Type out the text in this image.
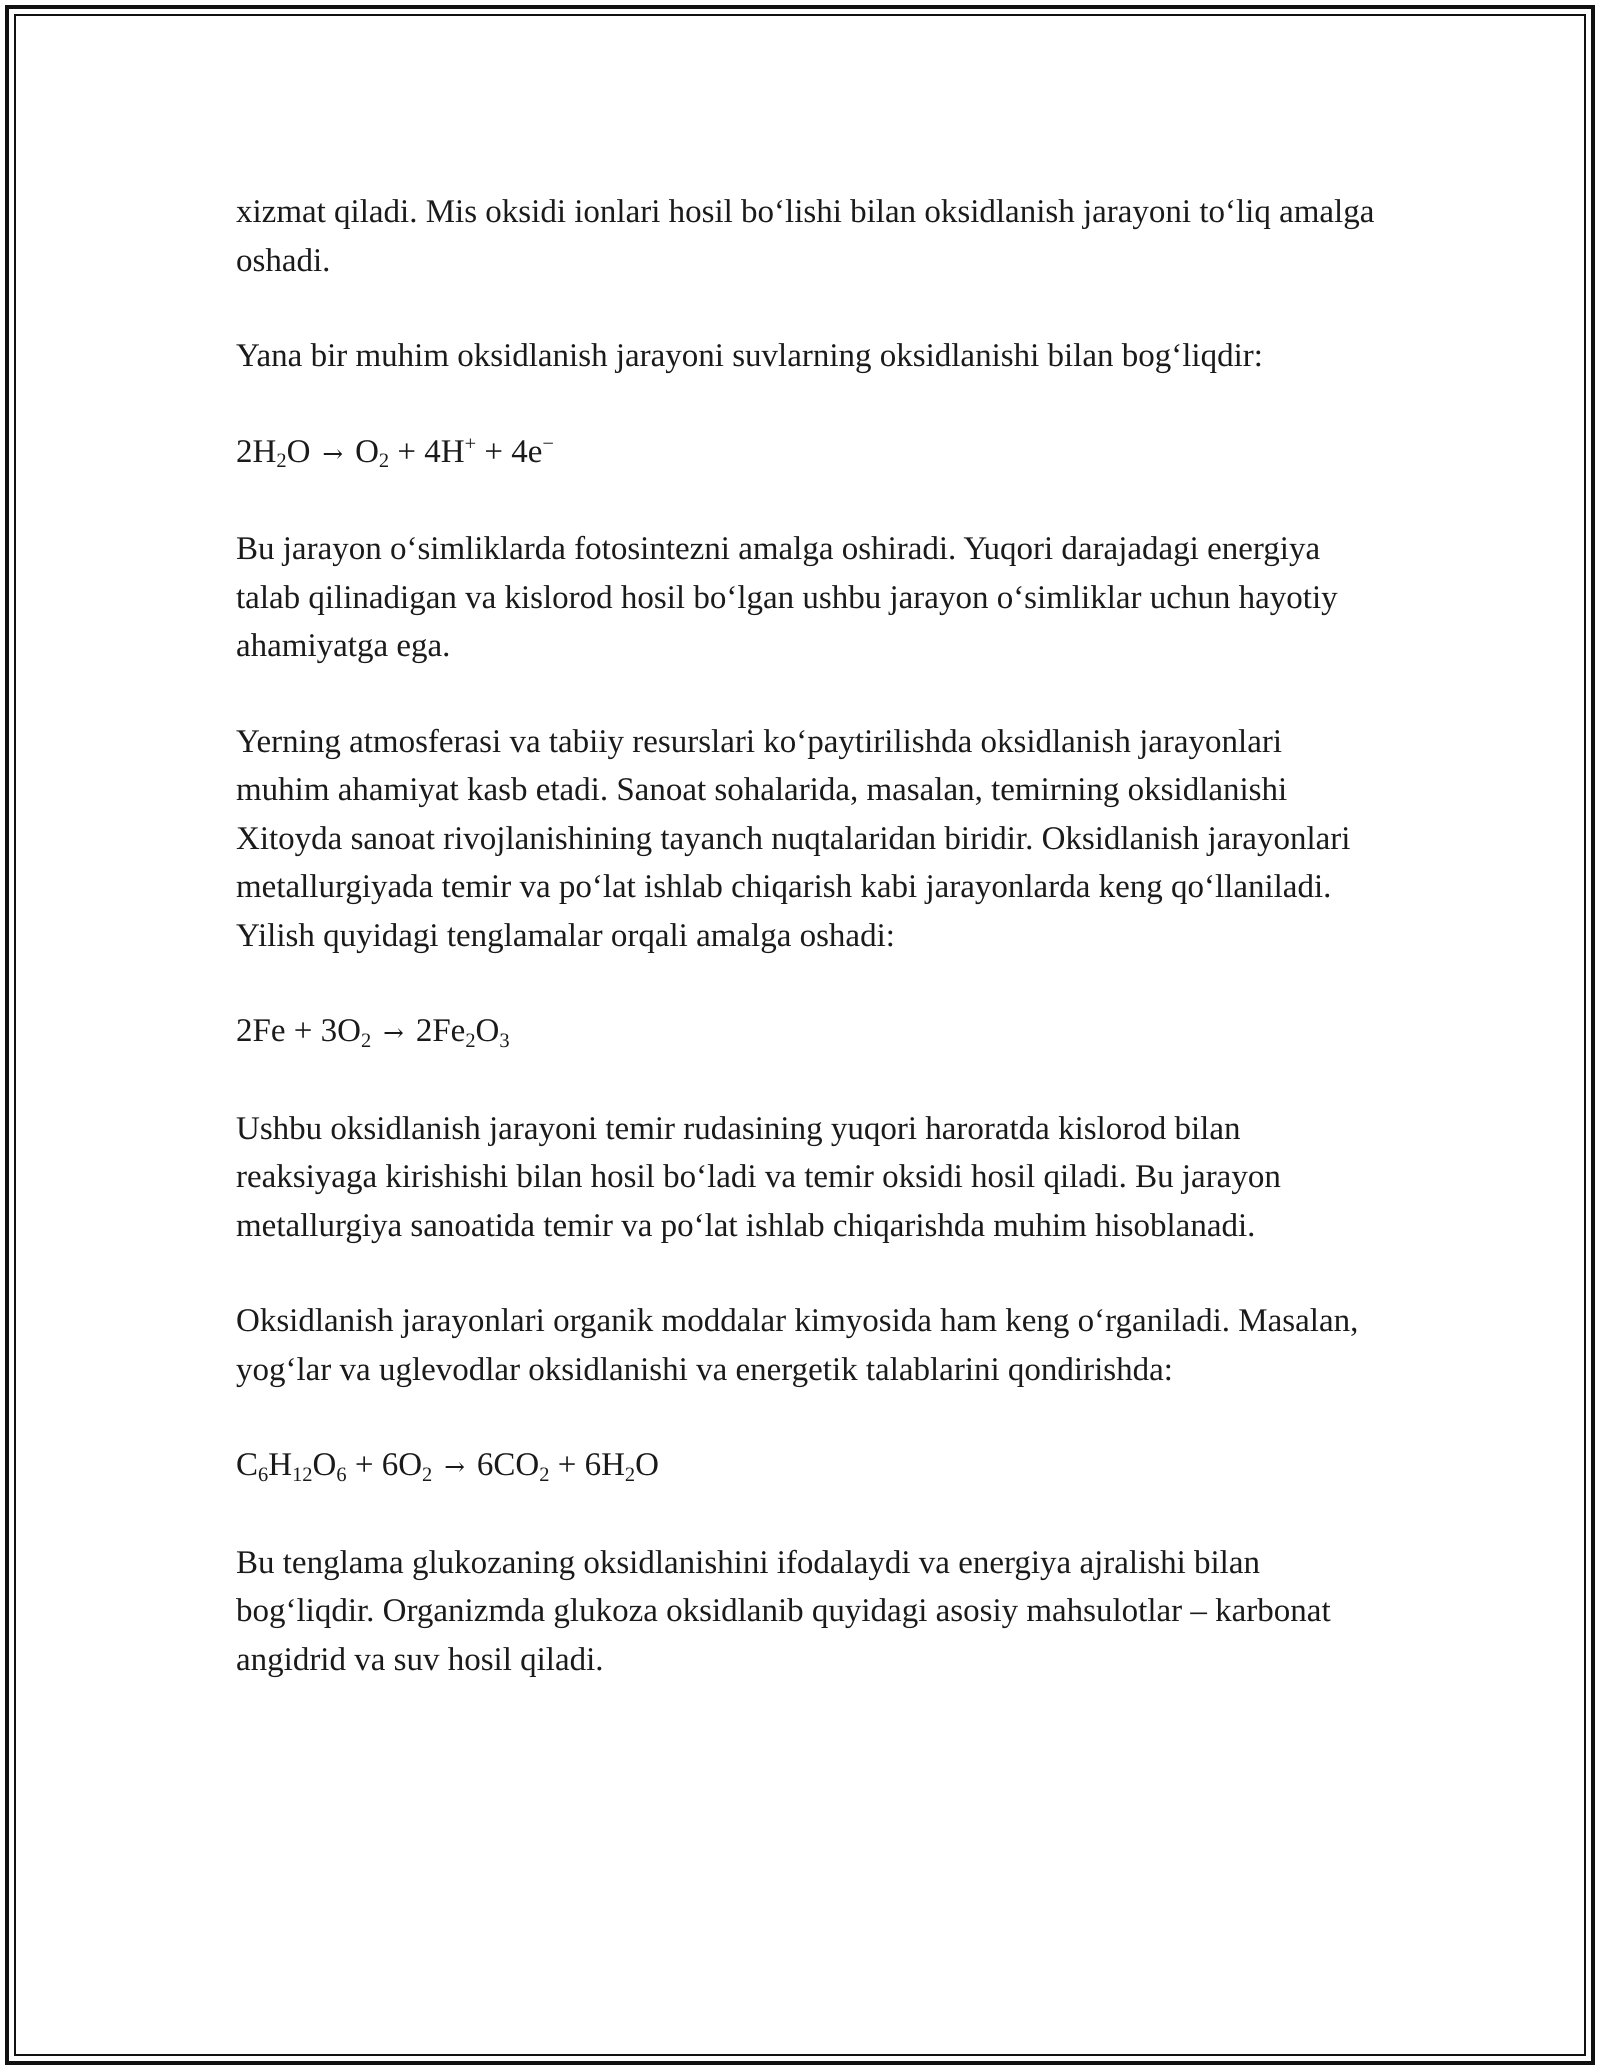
xizmat qiladi. Mis oksidi ionlari hosil bo‘lishi bilan oksidlanish jarayoni to‘liq amalga oshadi.

Yana bir muhim oksidlanish jarayoni suvlarning oksidlanishi bilan bog‘liqdir:

$2H_2O \to O_2 + 4H^+ + 4e^-$

Bu jarayon o‘simliklarda fotosintezni amalga oshiradi. Yuqori darajadagi energiya talab qilinadigan va kislorod hosil bo‘lgan ushbu jarayon o‘simliklar uchun hayotiy ahamiyatga ega.

Yerning atmosferasi va tabiiy resurslari ko‘paytirilishda oksidlanish jarayonlari muhim ahamiyat kasb etadi. Sanoat sohalarida, masalan, temirning oksidlanishi Xitoyda sanoat rivojlanishining tayanch nuqtalaridan biridir. Oksidlanish jarayonlari metallurgiyada temir va po‘lat ishlab chiqarish kabi jarayonlarda keng qo‘llaniladi. Yilish quyidagi tenglamalar orqali amalga oshadi:

$2Fe + 3O_2 \to 2Fe_2O_3$

Ushbu oksidlanish jarayoni temir rudasining yuqori haroratda kislorod bilan reaksiyaga kirishishi bilan hosil bo‘ladi va temir oksidi hosil qiladi. Bu jarayon metallurgiya sanoatida temir va po‘lat ishlab chiqarishda muhim hisoblanadi.

Oksidlanish jarayonlari organik moddalar kimyosida ham keng o‘rganiladi. Masalan, yog‘lar va uglevodlar oksidlanishi va energetik talablarini qondirishda:

$C_6H_{12}O_6 + 6O_2 \to 6CO_2 + 6H_2O$

Bu tenglama glukozaning oksidlanishini ifodalaydi va energiya ajralishi bilan bog‘liqdir. Organizmda glukoza oksidlanib quyidagi asosiy mahsulotlar – karbonat angidrid va suv hosil qiladi.
